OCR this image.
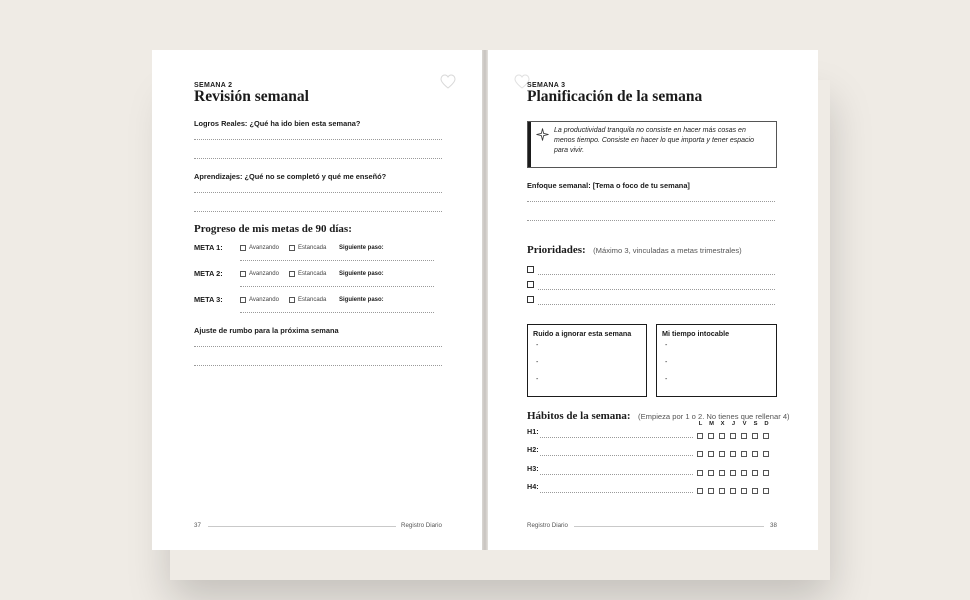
SEMANA 2
Revisión semanal
Logros Reales: ¿Qué ha ido bien esta semana?
Aprendizajes: ¿Qué no se completó y qué me enseñó?
Progreso de mis metas de 90 días:
META 1:	Avanzando	Estancada Siguiente paso:
META 2:	Avanzando	Estancada Siguiente paso:
META 3:	Avanzando	Estancada Siguiente paso:
Ajuste de rumbo para la próxima semana
37	Registro Diario
SEMANA 3
Planificación de la semana
La productividad tranquila no consiste en hacer más cosas en menos tiempo. Consiste en hacer lo que importa y tener espacio para vivir.
Enfoque semanal: [Tema o foco de tu semana]
Prioridades: (Máximo 3, vinculadas a metas trimestrales)
Ruido a ignorar esta semana
-
-
-
Mi tiempo intocable
-
-
-
Hábitos de la semana: (Empieza por 1 o 2. No tienes que rellenar 4)
L	M	X	J	V	S	D
H1:
H2:
H3:
H4:
Registro Diario	38
